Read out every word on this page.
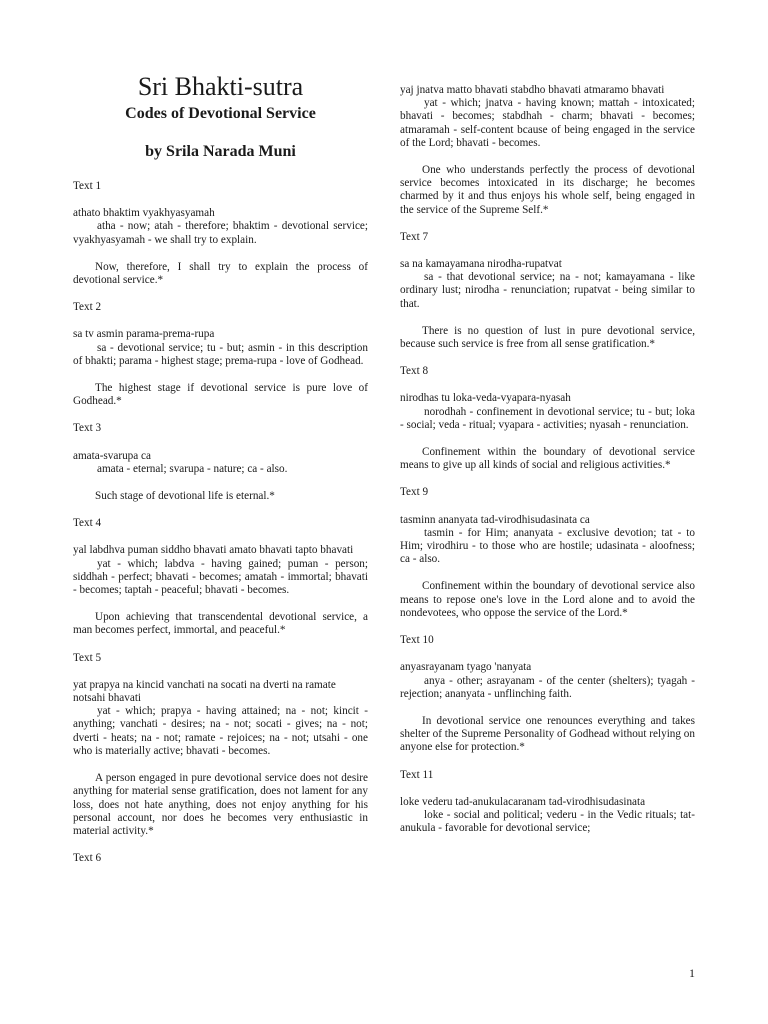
Sri Bhakti-sutra
Codes of Devotional Service
by Srila Narada Muni

Text 1

athato bhaktim vyakhyasyamah

atha - now; atah - therefore; bhaktim - devotional service; vyakhyasyamah - we shall try to explain.

Now, therefore, I shall try to explain the process of devotional service.*

Text 2

sa tv asmin parama-prema-rupa

sa - devotional service; tu - but; asmin - in this description of bhakti; parama - highest stage; prema-rupa - love of Godhead.

The highest stage if devotional service is pure love of Godhead.*

Text 3

amata-svarupa ca

amata - eternal; svarupa - nature; ca - also.

Such stage of devotional life is eternal.*

Text 4

yal labdhva puman siddho bhavati amato bhavati tapto bhavati

yat - which; labdva - having gained; puman - person; siddhah - perfect; bhavati - becomes; amatah - immortal; bhavati - becomes; taptah - peaceful; bhavati - becomes.

Upon achieving that transcendental devotional service, a man becomes perfect, immortal, and peaceful.*

Text 5

yat prapya na kincid vanchati na socati na dverti na ramate notsahi bhavati

yat - which; prapya - having attained; na - not; kincit - anything; vanchati - desires; na - not; socati - gives; na - not; dverti - heats; na - not; ramate - rejoices; na - not; utsahi - one who is materially active; bhavati - becomes.

A person engaged in pure devotional service does not desire anything for material sense gratification, does not lament for any loss, does not hate anything, does not enjoy anything for his personal account, nor does he becomes very enthusiastic in material activity.*

Text 6

yaj jnatva matto bhavati stabdho bhavati atmaramo bhavati

yat - which; jnatva - having known; mattah - intoxicated; bhavati - becomes; stabdhah - charm; bhavati - becomes; atmaramah - self-content bcause of being engaged in the service of the Lord; bhavati - becomes.

One who understands perfectly the process of devotional service becomes intoxicated in its discharge; he becomes charmed by it and thus enjoys his whole self, being engaged in the service of the Supreme Self.*

Text 7

sa na kamayamana nirodha-rupatvat

sa - that devotional service; na - not; kamayamana - like ordinary lust; nirodha - renunciation; rupatvat - being similar to that.

There is no question of lust in pure devotional service, because such service is free from all sense gratification.*

Text 8

nirodhas tu loka-veda-vyapara-nyasah

norodhah - confinement in devotional service; tu - but; loka - social; veda - ritual; vyapara - activities; nyasah - renunciation.

Confinement within the boundary of devotional service means to give up all kinds of social and religious activities.*

Text 9

tasminn ananyata tad-virodhisudasinata ca

tasmin - for Him; ananyata - exclusive devotion; tat - to Him; virodhiru - to those who are hostile; udasinata - aloofness; ca - also.

Confinement within the boundary of devotional service also means to repose one's love in the Lord alone and to avoid the nondevotees, who oppose the service of the Lord.*

Text 10

anyasrayanam tyago 'nanyata

anya - other; asrayanam - of the center (shelters); tyagah - rejection; ananyata - unflinching faith.

In devotional service one renounces everything and takes shelter of the Supreme Personality of Godhead without relying on anyone else for protection.*

Text 11

loke vederu tad-anukulacaranam tad-virodhisudasinata

loke - social and political; vederu - in the Vedic rituals; tat-anukula - favorable for devotional service;

1
